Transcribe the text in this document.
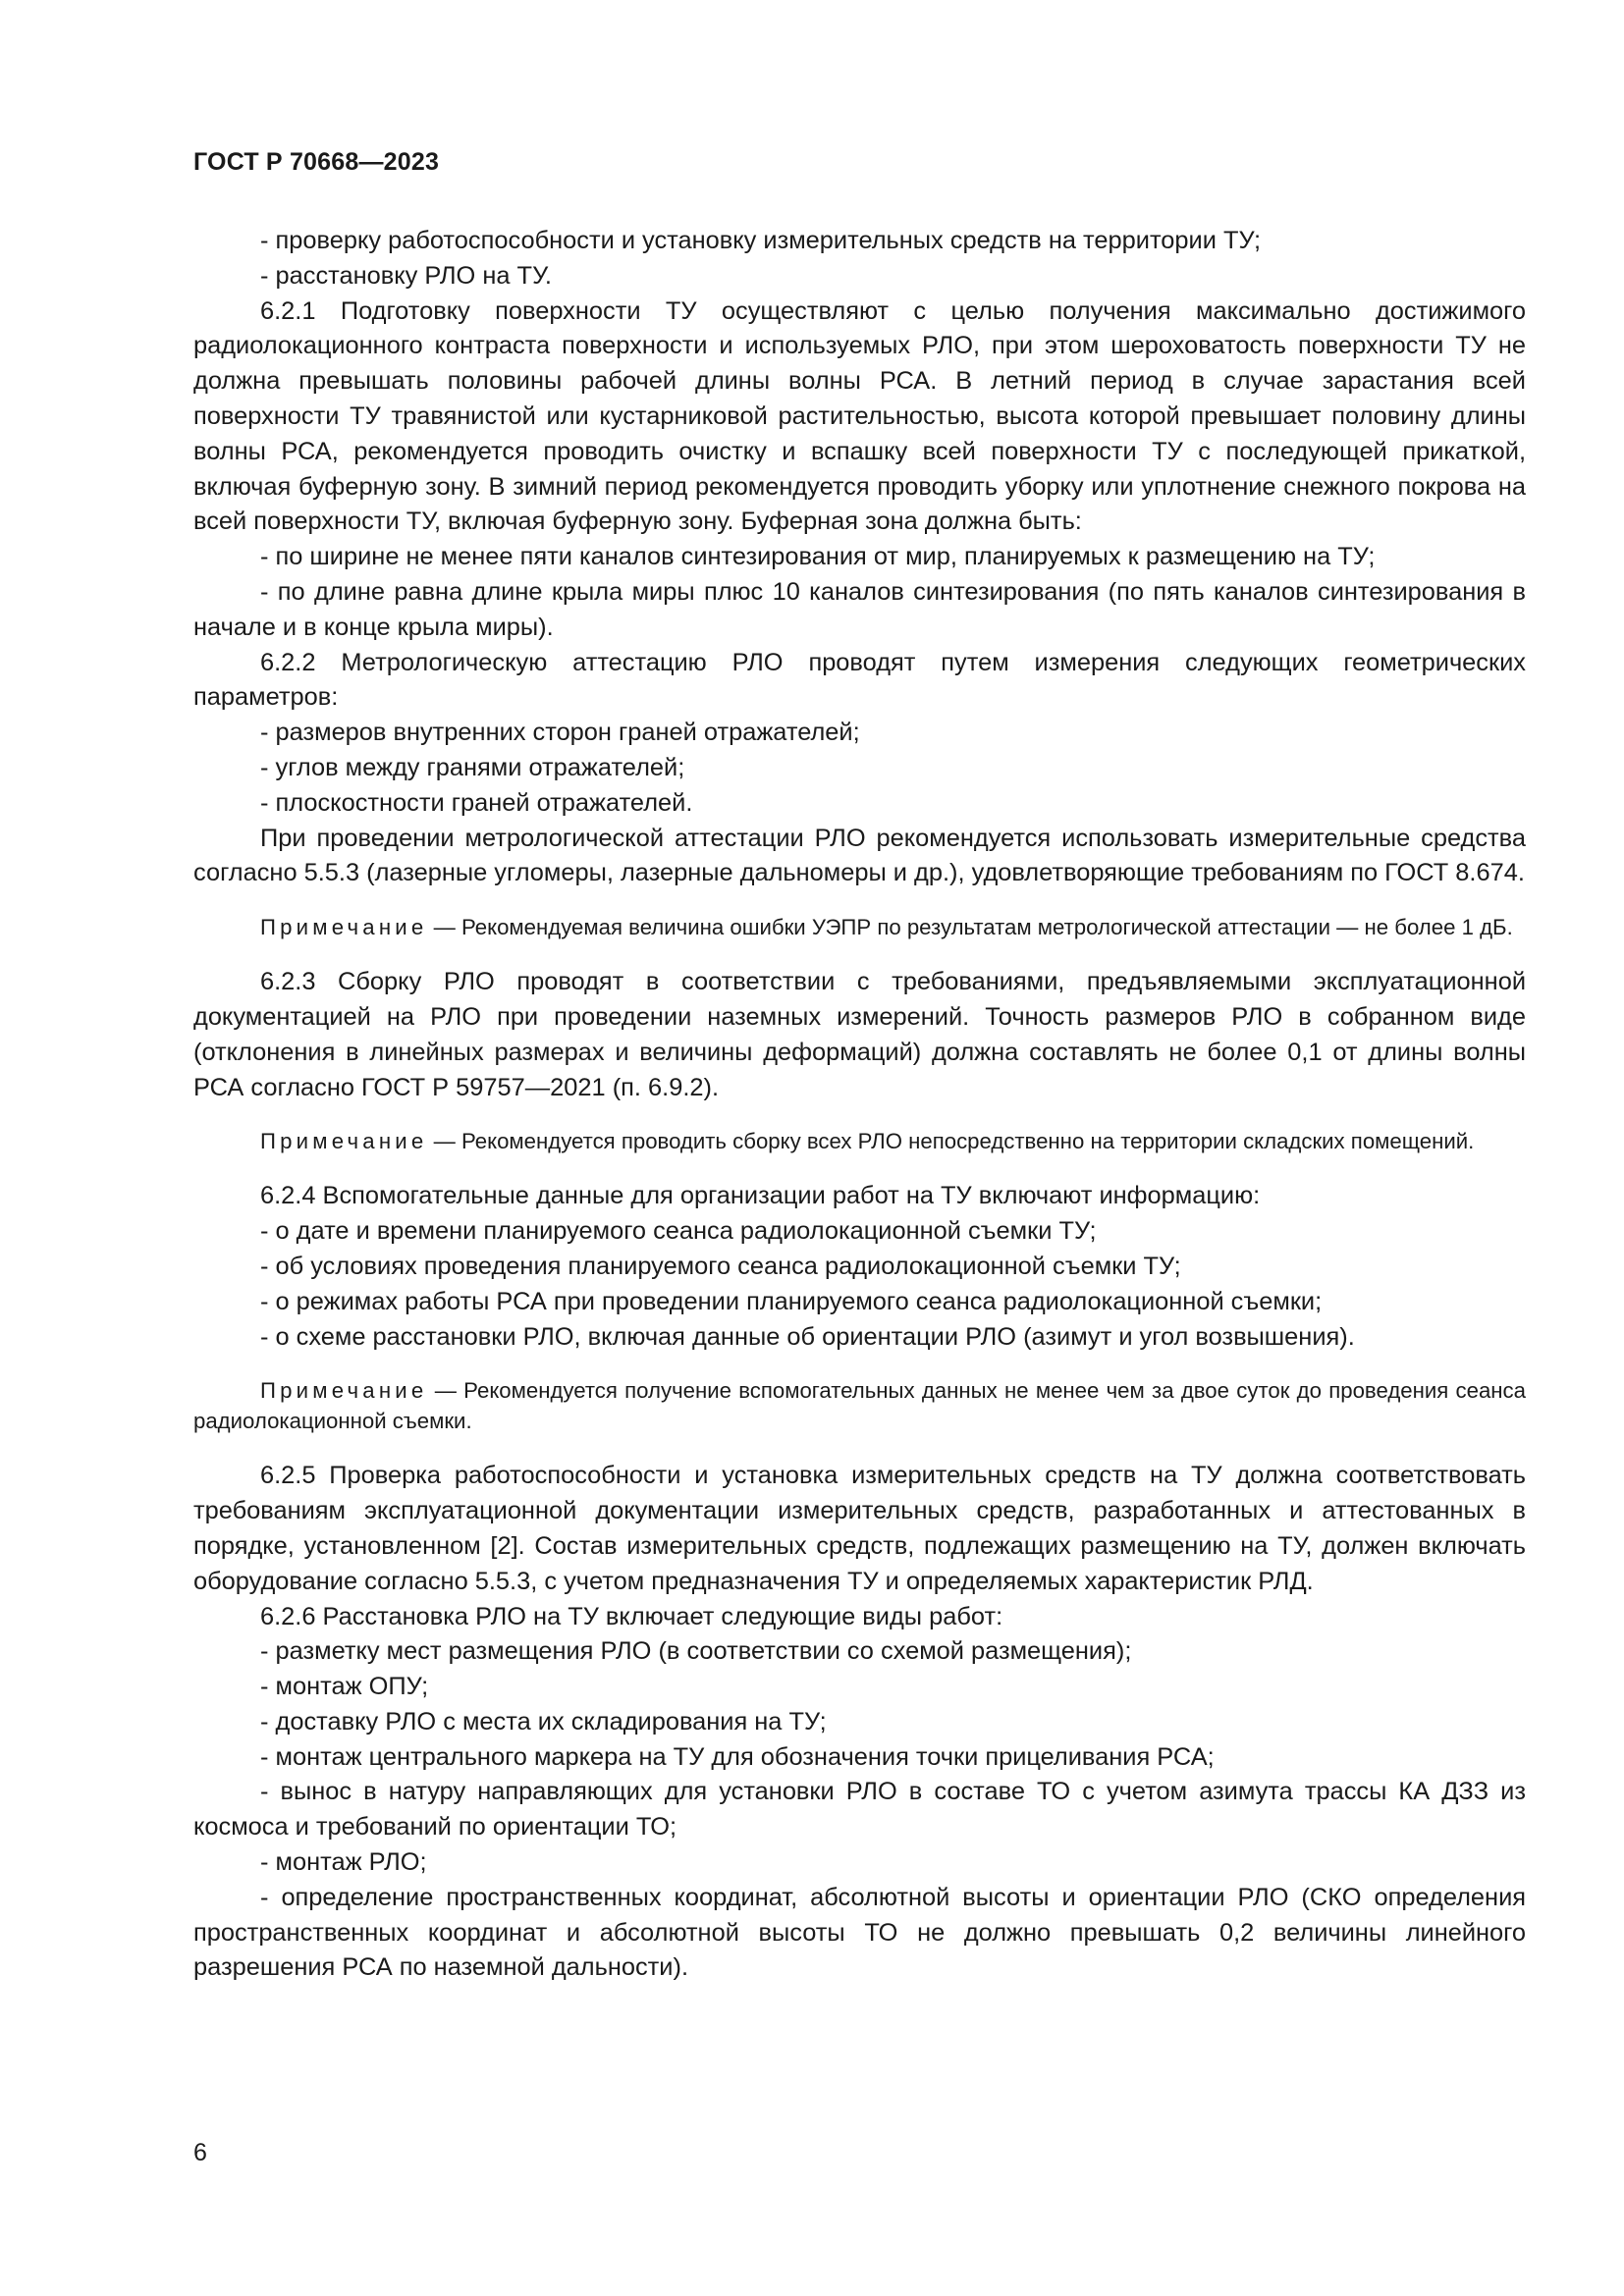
ГОСТ Р 70668—2023

- проверку работоспособности и установку измерительных средств на территории ТУ;

- расстановку РЛО на ТУ.

6.2.1 Подготовку поверхности ТУ осуществляют с целью получения максимально достижимого радиолокационного контраста поверхности и используемых РЛО, при этом шероховатость поверхности ТУ не должна превышать половины рабочей длины волны РСА. В летний период в случае зарастания всей поверхности ТУ травянистой или кустарниковой растительностью, высота которой превышает половину длины волны РСА, рекомендуется проводить очистку и вспашку всей поверхности ТУ с последующей прикаткой, включая буферную зону. В зимний период рекомендуется проводить уборку или уплотнение снежного покрова на всей поверхности ТУ, включая буферную зону. Буферная зона должна быть:

- по ширине не менее пяти каналов синтезирования от мир, планируемых к размещению на ТУ;

- по длине равна длине крыла миры плюс 10 каналов синтезирования (по пять каналов синтезирования в начале и в конце крыла миры).

6.2.2 Метрологическую аттестацию РЛО проводят путем измерения следующих геометрических параметров:

- размеров внутренних сторон граней отражателей;

- углов между гранями отражателей;

- плоскостности граней отражателей.

При проведении метрологической аттестации РЛО рекомендуется использовать измерительные средства согласно 5.5.3 (лазерные угломеры, лазерные дальномеры и др.), удовлетворяющие требованиям по ГОСТ 8.674.

Примечание — Рекомендуемая величина ошибки УЭПР по результатам метрологической аттестации — не более 1 дБ.

6.2.3 Сборку РЛО проводят в соответствии с требованиями, предъявляемыми эксплуатационной документацией на РЛО при проведении наземных измерений. Точность размеров РЛО в собранном виде (отклонения в линейных размерах и величины деформаций) должна составлять не более 0,1 от длины волны РСА согласно ГОСТ Р 59757—2021 (п. 6.9.2).

Примечание — Рекомендуется проводить сборку всех РЛО непосредственно на территории складских помещений.

6.2.4 Вспомогательные данные для организации работ на ТУ включают информацию:

- о дате и времени планируемого сеанса радиолокационной съемки ТУ;

- об условиях проведения планируемого сеанса радиолокационной съемки ТУ;

- о режимах работы РСА при проведении планируемого сеанса радиолокационной съемки;

- о схеме расстановки РЛО, включая данные об ориентации РЛО (азимут и угол возвышения).

Примечание — Рекомендуется получение вспомогательных данных не менее чем за двое суток до проведения сеанса радиолокационной съемки.

6.2.5 Проверка работоспособности и установка измерительных средств на ТУ должна соответствовать требованиям эксплуатационной документации измерительных средств, разработанных и аттестованных в порядке, установленном [2]. Состав измерительных средств, подлежащих размещению на ТУ, должен включать оборудование согласно 5.5.3, с учетом предназначения ТУ и определяемых характеристик РЛД.

6.2.6 Расстановка РЛО на ТУ включает следующие виды работ:

- разметку мест размещения РЛО (в соответствии со схемой размещения);

- монтаж ОПУ;

- доставку РЛО с места их складирования на ТУ;

- монтаж центрального маркера на ТУ для обозначения точки прицеливания РСА;

- вынос в натуру направляющих для установки РЛО в составе ТО с учетом азимута трассы КА ДЗЗ из космоса и требований по ориентации ТО;

- монтаж РЛО;

- определение пространственных координат, абсолютной высоты и ориентации РЛО (СКО определения пространственных координат и абсолютной высоты ТО не должно превышать 0,2 величины линейного разрешения РСА по наземной дальности).

6
